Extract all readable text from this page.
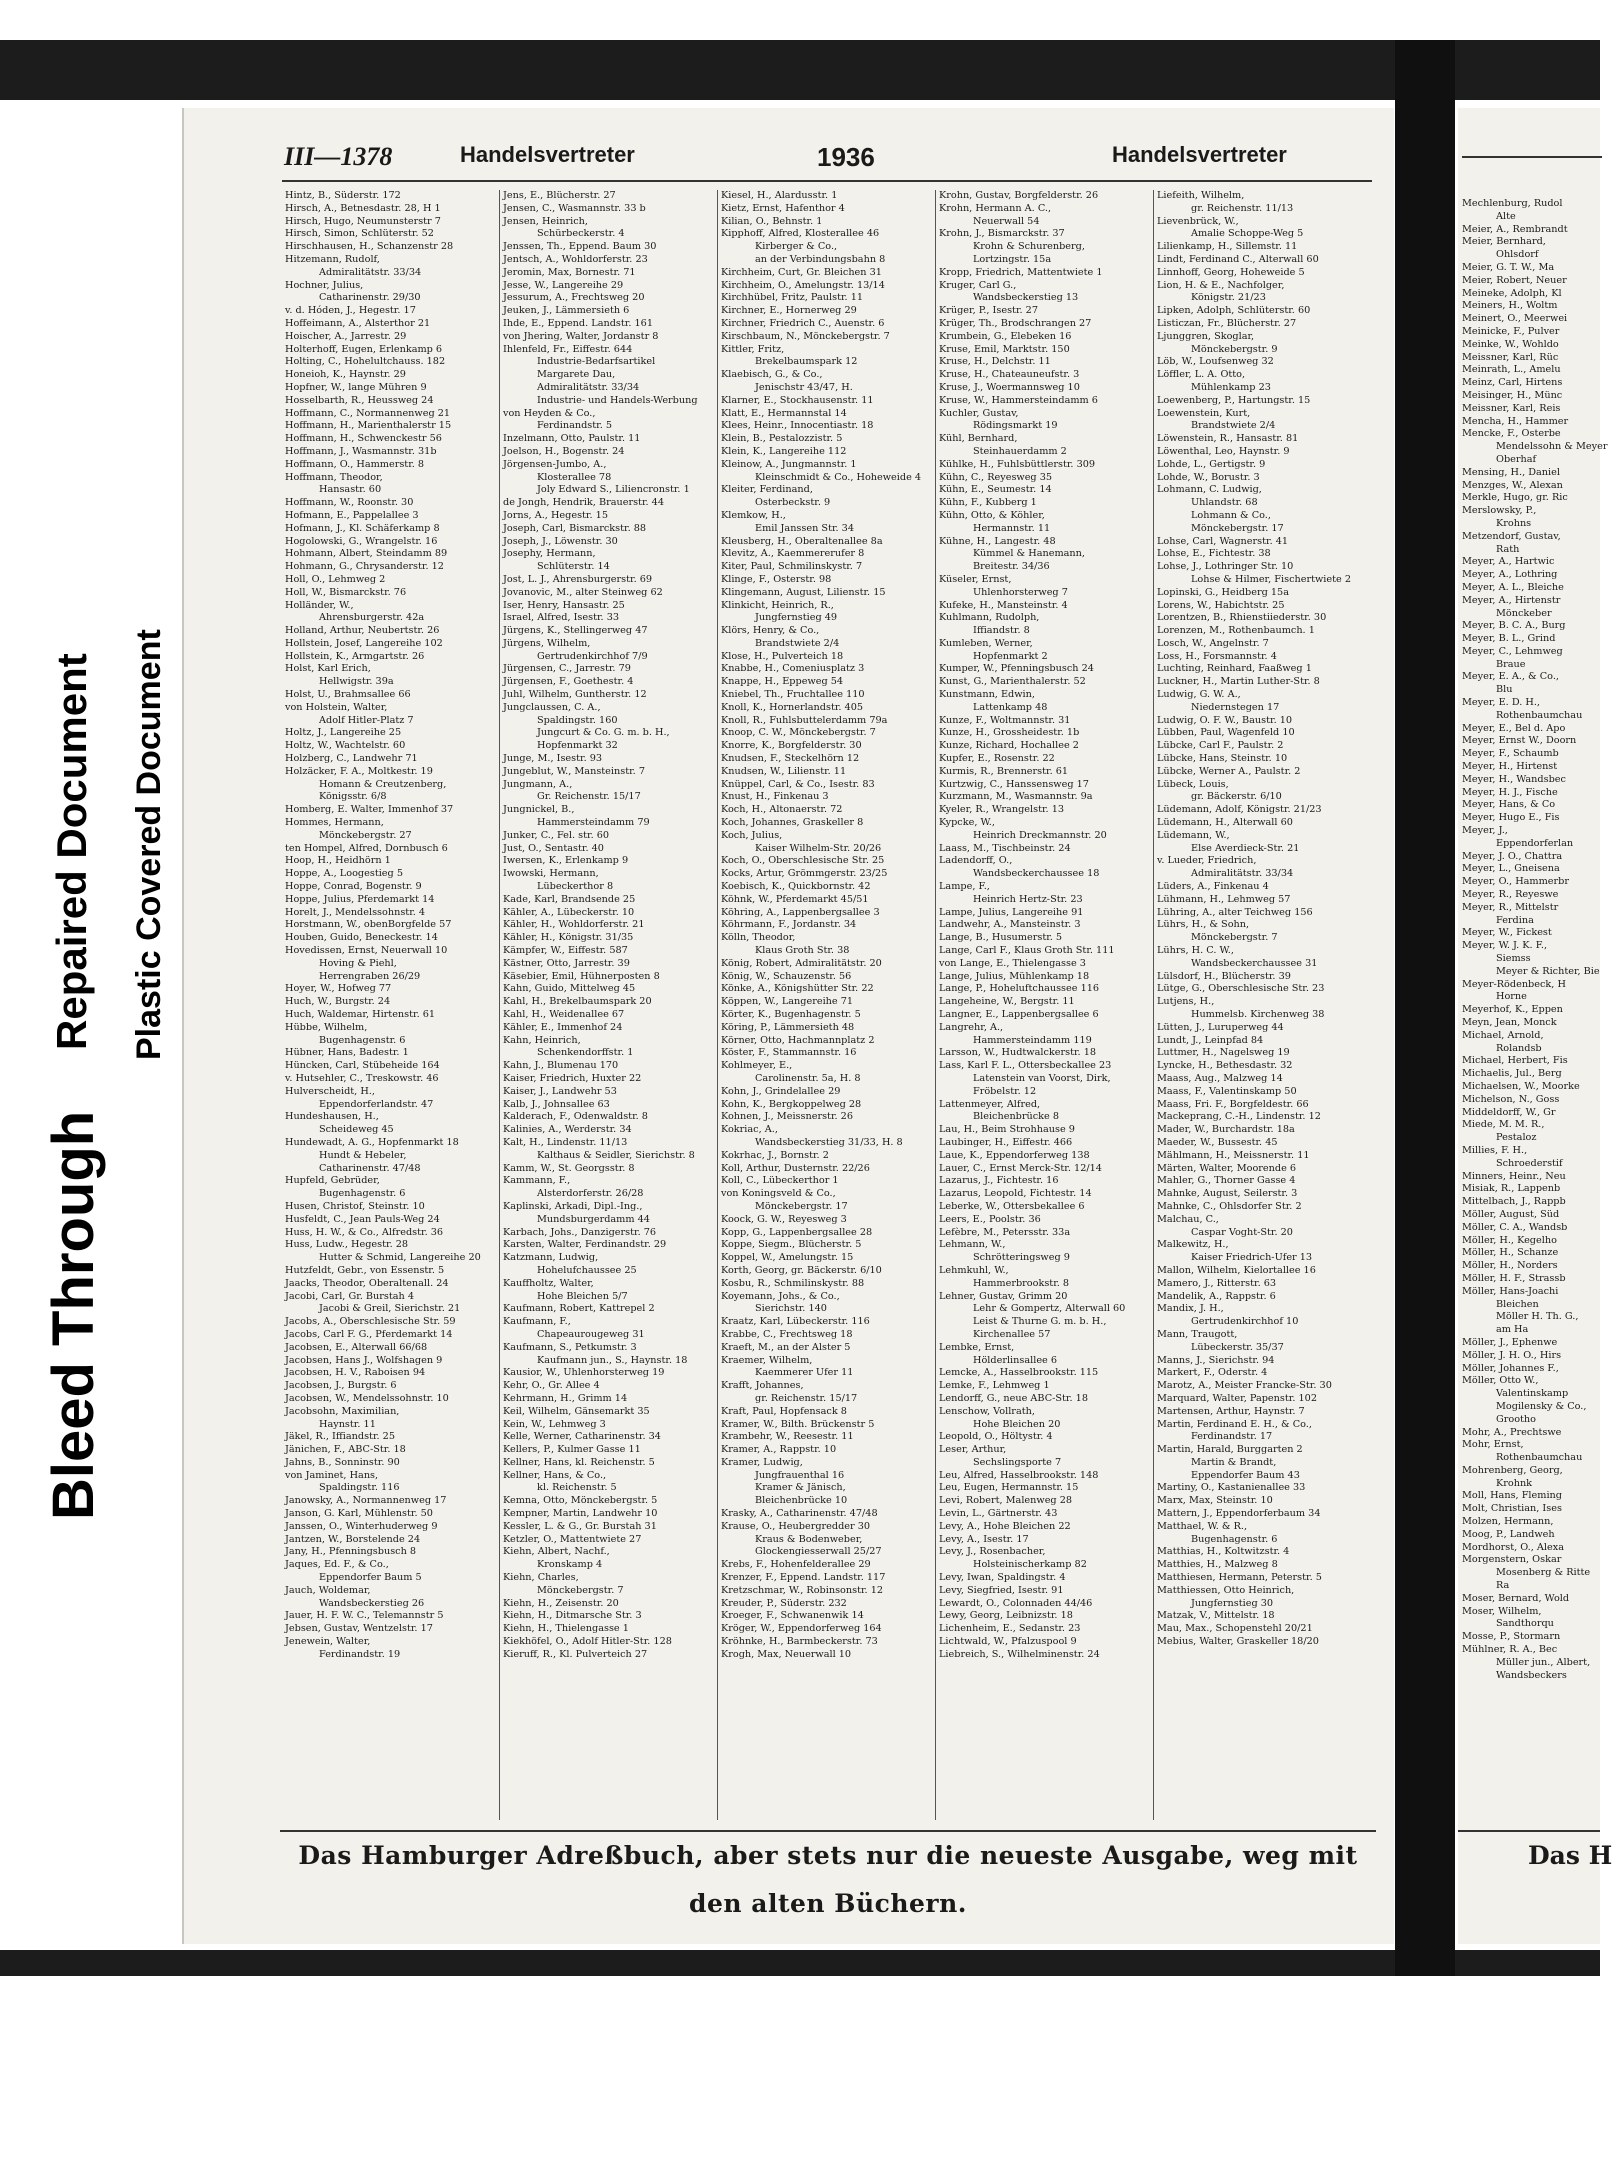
Bleed Through
Repaired Document Plastic Covered Document
III—1378	Handelsvertreter	1936	Handelsvertreter
Hintz, B., Süderstr. 172
Hirsch, A., Betnesdastr. 28, H 1
Hirsch, Hugo, Neumunsterstr 7
Hirsch, Simon, Schlüterstr. 52
Hirschhausen, H., Schanzenstr 28
Hitzemann, Rudolf,
Admiralitätstr. 33/34
Hochner, Julius,
Catharinenstr. 29/30
v. d. Hóden, J., Hegestr. 17
Hoffeimann, A., Alsterthor 21
Hoischer, A., Jarrestr. 29
Holterhoff, Eugen, Erlenkamp 6
Holting, C., Hohelultchauss. 182
Honeioh, K., Haynstr. 29
Hopfner, W., lange Mühren 9
Hosselbarth, R., Heussweg 24
Hoffmann, C., Normannenweg 21
Hoffmann, H., Marienthalerstr 15
Hoffmann, H., Schwenckestr 56
Hoffmann, J., Wasmannstr. 31b
Hoffmann, O., Hammerstr. 8
Hoffmann, Theodor,
Hansastr. 60
Hoffmann, W., Roonstr. 30
Hofmann, E., Pappelallee 3
Hofmann, J., Kl. Schäferkamp 8
Hogolowski, G., Wrangelstr. 16
Hohmann, Albert, Steindamm 89
Hohmann, G., Chrysanderstr. 12
Holl, O., Lehmweg 2
Holl, W., Bismarckstr. 76
Holländer, W.,
Ahrensburgerstr. 42a
Holland, Arthur, Neubertstr. 26
Hollstein, Josef, Langereihe 102
Hollstein, K., Armgartstr. 26
Holst, Karl Erich,
Hellwigstr. 39a
Holst, U., Brahmsallee 66
von Holstein, Walter,
Adolf Hitler-Platz 7
Holtz, J., Langereihe 25
Holtz, W., Wachtelstr. 60
Holzberg, C., Landwehr 71
Holzäcker, F. A., Moltkestr. 19
Homann & Creutzenberg,
Königsstr. 6/8
Homberg, E. Walter, Immenhof 37
Hommes, Hermann,
Mönckebergstr. 27
ten Hompel, Alfred, Dornbusch 6
Hoop, H., Heidhörn 1
Hoppe, A., Loogestieg 5
Hoppe, Conrad, Bogenstr. 9
Hoppe, Julius, Pferdemarkt 14
Horelt, J., Mendelssohnstr. 4
Horstmann, W., obenBorgfelde 57
Houben, Guido, Beneckestr. 14
Hovedissen, Ernst, Neuerwall 10
Hoving & Piehl,
Herrengraben 26/29
Hoyer, W., Hofweg 77
Huch, W., Burgstr. 24
Huch, Waldemar, Hirtenstr. 61
Hübbe, Wilhelm,
Bugenhagenstr. 6
Hübner, Hans, Badestr. 1
Hüncken, Carl, Stübeheide 164
v. Hutsehler, C., Treskowstr. 46
Hulverscheidt, H.,
Eppendorferlandstr. 47
Hundeshausen, H.,
Scheideweg 45
Hundewadt, A. G., Hopfenmarkt 18
Hundt & Hebeler,
Catharinenstr. 47/48
Hupfeld, Gebrüder,
Bugenhagenstr. 6
Husen, Christof, Steinstr. 10
Husfeldt, C., Jean Pauls-Weg 24
Huss, H. W., & Co., Alfredstr. 36
Huss, Ludw., Hegestr. 28
Hutter & Schmid, Langereihe 20
Hutzfeldt, Gebr., von Essenstr. 5
Jaacks, Theodor, Oberaltenall. 24
Jacobi, Carl, Gr. Burstah 4
Jacobi & Greil, Sierichstr. 21
Jacobs, A., Oberschlesische Str. 59
Jacobs, Carl F. G., Pferdemarkt 14
Jacobsen, E., Alterwall 66/68
Jacobsen, Hans J., Wolfshagen 9
Jacobsen, H. V., Raboisen 94
Jacobsen, J., Burgstr. 6
Jacobsen, W., Mendelssohnstr. 10
Jacobsohn, Maximilian,
Haynstr. 11
Jäkel, R., Iffiandstr. 25
Jänichen, F., ABC-Str. 18
Jahns, B., Sonninstr. 90
von Jaminet, Hans,
Spaldingstr. 116
Janowsky, A., Normannenweg 17
Janson, G. Karl, Mühlenstr. 50
Janssen, O., Winterhuderweg 9
Jantzen, W., Borstelende 24
Jany, H., Pfenningsbusch 8
Jaques, Ed. F., & Co.,
Eppendorfer Baum 5
Jauch, Woldemar,
Wandsbeckerstieg 26
Jauer, H. F. W. C., Telemannstr 5
Jebsen, Gustav, Wentzelstr. 17
Jenewein, Walter,
Ferdinandstr. 19
Jens, E., Blücherstr. 27
Jensen, C., Wasmannstr. 33 b
Jensen, Heinrich,
Schürbeckerstr. 4
Jenssen, Th., Eppend. Baum 30
Jentsch, A., Wohldorferstr. 23
Jeromin, Max, Bornestr. 71
Jesse, W., Langereihe 29
Jessurum, A., Frechtsweg 20
Jeuken, J., Lämmersieth 6
Ihde, E., Eppend. Landstr. 161
von Jhering, Walter, Jordanstr 8
Ihlenfeld, Fr., Eiffestr. 644
Industrie-Bedarfsartikel
Margarete Dau,
Admiralitätstr. 33/34
Industrie- und Handels-Werbung
von Heyden & Co.,
Ferdinandstr. 5
Inzelmann, Otto, Paulstr. 11
Joelson, H., Bogenstr. 24
Jörgensen-Jumbo, A.,
Klosterallee 78
Joly Edward S., Liliencronstr. 1
de Jongh, Hendrik, Brauerstr. 44
Jorns, A., Hegestr. 15
Joseph, Carl, Bismarckstr. 88
Joseph, J., Löwenstr. 30
Josephy, Hermann,
Schlüterstr. 14
Jost, L. J., Ahrensburgerstr. 69
Jovanovic, M., alter Steinweg 62
Iser, Henry, Hansastr. 25
Israel, Alfred, Isestr. 33
Jürgens, K., Stellingerweg 47
Jürgens, Wilhelm,
Gertrudenkirchhof 7/9
Jürgensen, C., Jarrestr. 79
Jürgensen, F., Goethestr. 4
Juhl, Wilhelm, Guntherstr. 12
Jungclaussen, C. A.,
Spaldingstr. 160
Jungcurt & Co. G. m. b. H.,
Hopfenmarkt 32
Junge, M., Isestr. 93
Jungeblut, W., Mansteinstr. 7
Jungmann, A.,
Gr. Reichenstr. 15/17
Jungnickel, B.,
Hammersteindamm 79
Junker, C., Fel. str. 60
Just, O., Sentastr. 40
Iwersen, K., Erlenkamp 9
Iwowski, Hermann,
Lübeckerthor 8
Kade, Karl, Brandsende 25
Kähler, A., Lübeckerstr. 10
Kähler, H., Wohldorferstr. 21
Kähler, H., Königstr. 31/35
Kämpfer, W., Eiffestr. 587
Kästner, Otto, Jarrestr. 39
Käsebier, Emil, Hühnerposten 8
Kahn, Guido, Mittelweg 45
Kahl, H., Brekelbaumspark 20
Kahl, H., Weidenallee 67
Kähler, E., Immenhof 24
Kahn, Heinrich,
Schenkendorffstr. 1
Kahn, J., Blumenau 170
Kaiser, Friedrich, Huxter 22
Kaiser, J., Landwehr 53
Kalb, J., Johnsallee 63
Kalderach, F., Odenwaldstr. 8
Kalinies, A., Werderstr. 34
Kalt, H., Lindenstr. 11/13
Kalthaus & Seidler, Sierichstr. 8
Kamm, W., St. Georgsstr. 8
Kammann, F.,
Alsterdorferstr. 26/28
Kaplinski, Arkadi, Dipl.-Ing.,
Mundsburgerdamm 44
Karbach, Johs., Danzigerstr. 76
Karsten, Walter, Ferdinandstr. 29
Katzmann, Ludwig,
Hohelufchaussee 25
Kauffholtz, Walter,
Hohe Bleichen 5/7
Kaufmann, Robert, Kattrepel 2
Kaufmann, F.,
Chapeaurougeweg 31
Kaufmann, S., Petkumstr. 3
Kaufmann jun., S., Haynstr. 18
Kausior, W., Uhlenhorsterweg 19
Kehr, O., Gr. Allee 4
Kehrmann, H., Grimm 14
Keil, Wilhelm, Gänsemarkt 35
Kein, W., Lehmweg 3
Kelle, Werner, Catharinenstr. 34
Kellers, P., Kulmer Gasse 11
Kellner, Hans, kl. Reichenstr. 5
Kellner, Hans, & Co.,
kl. Reichenstr. 5
Kemna, Otto, Mönckebergstr. 5
Kempner, Martin, Landwehr 10
Kessler, L. & G., Gr. Burstah 31
Ketzler, O., Mattentwiete 27
Kiehn, Albert, Nachf.,
Kronskamp 4
Kiehn, Charles,
Mönckebergstr. 7
Kiehn, H., Zeisenstr. 20
Kiehn, H., Ditmarsche Str. 3
Kiehn, H., Thielengasse 1
Kiekhöfel, O., Adolf Hitler-Str. 128
Kieruff, R., Kl. Pulverteich 27
Kiesel, H., Alardusstr. 1
Kietz, Ernst, Hafenthor 4
Kilian, O., Behnstr. 1
Kipphoff, Alfred, Klosterallee 46
Kirberger & Co.,
an der Verbindungsbahn 8
Kirchheim, Curt, Gr. Bleichen 31
Kirchheim, O., Amelungstr. 13/14
Kirchhübel, Fritz, Paulstr. 11
Kirchner, E., Hornerweg 29
Kirchner, Friedrich C., Auenstr. 6
Kirschbaum, N., Mönckebergstr. 7
Kittler, Fritz,
Brekelbaumspark 12
Klaebisch, G., & Co.,
Jenischstr 43/47, H.
Klarner, E., Stockhausenstr. 11
Klatt, E., Hermannstal 14
Klees, Heinr., Innocentiastr. 18
Klein, B., Pestalozzistr. 5
Klein, K., Langereihe 112
Kleinow, A., Jungmannstr. 1
Kleinschmidt & Co., Hoheweide 4
Kleiter, Ferdinand,
Osterbeckstr. 9
Klemkow, H.,
Emil Janssen Str. 34
Kleusberg, H., Oberaltenallee 8a
Klevitz, A., Kaemmererufer 8
Kiter, Paul, Schmilinskystr. 7
Klinge, F., Osterstr. 98
Klingemann, August, Lilienstr. 15
Klinkicht, Heinrich, R.,
Jungfernstieg 49
Klörs, Henry, & Co.,
Brandstwiete 2/4
Klose, H., Pulverteich 18
Knabbe, H., Comeniusplatz 3
Knappe, H., Eppeweg 54
Kniebel, Th., Fruchtallee 110
Knoll, K., Hornerlandstr. 405
Knoll, R., Fuhlsbuttelerdamm 79a
Knoop, C. W., Mönckebergstr. 7
Knorre, K., Borgfelderstr. 30
Knudsen, F., Steckelhörn 12
Knudsen, W., Lilienstr. 11
Knüppel, Carl, & Co., Isestr. 83
Knust, H., Finkenau 3
Koch, H., Altonaerstr. 72
Koch, Johannes, Graskeller 8
Koch, Julius,
Kaiser Wilhelm-Str. 20/26
Koch, O., Oberschlesische Str. 25
Kocks, Artur, Grömmgerstr. 23/25
Koebisch, K., Quickbornstr. 42
Köhnk, W., Pferdemarkt 45/51
Köhring, A., Lappenbergsallee 3
Köhrmann, F., Jordanstr. 34
Kölln, Theodor,
Klaus Groth Str. 38
König, Robert, Admiralitätstr. 20
König, W., Schauzenstr. 56
Könke, A., Königshütter Str. 22
Köppen, W., Langereihe 71
Körter, K., Bugenhagenstr. 5
Köring, P., Lämmersieth 48
Körner, Otto, Hachmannplatz 2
Köster, F., Stammannstr. 16
Kohlmeyer, E.,
Carolinenstr. 5a, H. 8
Kohn, J., Grindelallee 29
Kohn, K., Bergkoppelweg 28
Kohnen, J., Meissnerstr. 26
Kokriac, A.,
Wandsbeckerstieg 31/33, H. 8
Kokrhac, J., Bornstr. 2
Koll, Arthur, Dusternstr. 22/26
Koll, C., Lübeckerthor 1
von Koningsveld & Co.,
Mönckebergstr. 17
Koock, G. W., Reyesweg 3
Kopp, G., Lappenbergsallee 28
Koppe, Siegm., Blücherstr. 5
Koppel, W., Amelungstr. 15
Korth, Georg, gr. Bäckerstr. 6/10
Kosbu, R., Schmilinskystr. 88
Koyemann, Johs., & Co.,
Sierichstr. 140
Kraatz, Karl, Lübeckerstr. 116
Krabbe, C., Frechtsweg 18
Kraeft, M., an der Alster 5
Kraemer, Wilhelm,
Kaemmerer Ufer 11
Krafft, Johannes,
gr. Reichenstr. 15/17
Kraft, Paul, Hopfensack 8
Kramer, W., Bilth. Brückenstr 5
Krambehr, W., Reesestr. 11
Kramer, A., Rappstr. 10
Kramer, Ludwig,
Jungfrauenthal 16
Kramer & Jänisch,
Bleichenbrücke 10
Krasky, A., Catharinenstr. 47/48
Krause, O., Heubergredder 30
Kraus & Bodenweber,
Glockengiesserwall 25/27
Krebs, F., Hohenfelderallee 29
Krenzer, F., Eppend. Landstr. 117
Kretzschmar, W., Robinsonstr. 12
Kreuder, P., Süderstr. 232
Kroeger, F., Schwanenwik 14
Kröger, W., Eppendorferweg 164
Kröhnke, H., Barmbeckerstr. 73
Krogh, Max, Neuerwall 10
Krohn, Gustav, Borgfelderstr. 26
Krohn, Hermann A. C.,
Neuerwall 54
Krohn, J., Bismarckstr. 37
Krohn & Schurenberg,
Lortzingstr. 15a
Kropp, Friedrich, Mattentwiete 1
Kruger, Carl G.,
Wandsbeckerstieg 13
Krüger, P., Isestr. 27
Krüger, Th., Brodschrangen 27
Krumbein, G., Elebeken 16
Kruse, Emil, Marktstr. 150
Kruse, H., Delchstr. 11
Kruse, H., Chateauneufstr. 3
Kruse, J., Woermannsweg 10
Kruse, W., Hammersteindamm 6
Kuchler, Gustav,
Rödingsmarkt 19
Kühl, Bernhard,
Steinhauerdamm 2
Kühlke, H., Fuhlsbüttlerstr. 309
Kühn, C., Reyesweg 35
Kühn, E., Seumestr. 14
Kühn, F., Kubberg 1
Kühn, Otto, & Köhler,
Hermannstr. 11
Kühne, H., Langestr. 48
Kümmel & Hanemann,
Breitestr. 34/36
Küseler, Ernst,
Uhlenhorsterweg 7
Kufeke, H., Mansteinstr. 4
Kuhlmann, Rudolph,
Iffiandstr. 8
Kumleben, Werner,
Hopfenmarkt 2
Kumper, W., Pfenningsbusch 24
Kunst, G., Marienthalerstr. 52
Kunstmann, Edwin,
Lattenkamp 48
Kunze, F., Woltmannstr. 31
Kunze, H., Grossheidestr. 1b
Kunze, Richard, Hochallee 2
Kupfer, E., Rosenstr. 22
Kurmis, R., Brennerstr. 61
Kurtzwig, C., Hanssensweg 17
Kurzmann, M., Wasmannstr. 9a
Kyeler, R., Wrangelstr. 13
Kypcke, W.,
Heinrich Dreckmannstr. 20
Laass, M., Tischbeinstr. 24
Ladendorff, O.,
Wandsbeckerchaussee 18
Lampe, F.,
Heinrich Hertz-Str. 23
Lampe, Julius, Langereihe 91
Landwehr, A., Mansteinstr. 3
Lange, B., Husumerstr. 5
Lange, Carl F., Klaus Groth Str. 111
von Lange, E., Thielengasse 3
Lange, Julius, Mühlenkamp 18
Lange, P., Hoheluftchaussee 116
Langeheine, W., Bergstr. 11
Langner, E., Lappenbergsallee 6
Langrehr, A.,
Hammersteindamm 119
Larsson, W., Hudtwalckerstr. 18
Lass, Karl F. L., Ottersbeckallee 23
Latenstein van Voorst, Dirk,
Fröbelstr. 12
Lattenmeyer, Alfred,
Bleichenbrücke 8
Lau, H., Beim Strohhause 9
Laubinger, H., Eiffestr. 466
Laue, K., Eppendorferweg 138
Lauer, C., Ernst Merck-Str. 12/14
Lazarus, J., Fichtestr. 16
Lazarus, Leopold, Fichtestr. 14
Leberke, W., Ottersbekallee 6
Leers, E., Poolstr. 36
Lefèbre, M., Petersstr. 33a
Lehmann, W.,
Schrötteringsweg 9
Lehmkuhl, W.,
Hammerbrookstr. 8
Lehner, Gustav, Grimm 20
Lehr & Gompertz, Alterwall 60
Leist & Thurne G. m. b. H.,
Kirchenallee 57
Lembke, Ernst,
Hölderlinsallee 6
Lemcke, A., Hasselbrookstr. 115
Lemke, F., Lehmweg 1
Lendorff, G., neue ABC-Str. 18
Lenschow, Vollrath,
Hohe Bleichen 20
Leopold, O., Höltystr. 4
Leser, Arthur,
Sechslingsporte 7
Leu, Alfred, Hasselbrookstr. 148
Leu, Eugen, Hermannstr. 15
Levi, Robert, Malenweg 28
Levin, L., Gärtnerstr. 43
Levy, A., Hohe Bleichen 22
Levy, A., Isestr. 17
Levy, J., Rosenbacher,
Holsteinischerkamp 82
Levy, Iwan, Spaldingstr. 4
Levy, Siegfried, Isestr. 91
Lewardt, O., Colonnaden 44/46
Lewy, Georg, Leibnizstr. 18
Lichenheim, E., Sedanstr. 23
Lichtwald, W., Pfalzuspool 9
Liebreich, S., Wilhelminenstr. 24
Liefeith, Wilhelm,
gr. Reichenstr. 11/13
Lievenbrück, W.,
Amalie Schoppe-Weg 5
Lilienkamp, H., Sillemstr. 11
Lindt, Ferdinand C., Alterwall 60
Linnhoff, Georg, Hoheweide 5
Lion, H. & E., Nachfolger,
Königstr. 21/23
Lipken, Adolph, Schlüterstr. 60
Listiczan, Fr., Blücherstr. 27
Ljunggren, Skoglar,
Mönckebergstr. 9
Löb, W., Loufsenweg 32
Löffler, L. A. Otto,
Mühlenkamp 23
Loewenberg, P., Hartungstr. 15
Loewenstein, Kurt,
Brandstwiete 2/4
Löwenstein, R., Hansastr. 81
Löwenthal, Leo, Haynstr. 9
Lohde, L., Gertigstr. 9
Lohde, W., Borustr. 3
Lohmann, C. Ludwig,
Uhlandstr. 68
Lohmann & Co.,
Mönckebergstr. 17
Lohse, Carl, Wagnerstr. 41
Lohse, E., Fichtestr. 38
Lohse, J., Lothringer Str. 10
Lohse & Hilmer, Fischertwiete 2
Lopinski, G., Heidberg 15a
Lorens, W., Habichtstr. 25
Lorentzen, B., Rhienstiiederstr. 30
Lorenzen, M., Rothenbaumch. 1
Losch, W., Angelnstr. 7
Loss, H., Forsmannstr. 4
Luchting, Reinhard, Faaßweg 1
Luckner, H., Martin Luther-Str. 8
Ludwig, G. W. A.,
Niedernstegen 17
Ludwig, O. F. W., Baustr. 10
Lübben, Paul, Wagenfeld 10
Lübcke, Carl F., Paulstr. 2
Lübcke, Hans, Steinstr. 10
Lübcke, Werner A., Paulstr. 2
Lübeck, Louis,
gr. Bäckerstr. 6/10
Lüdemann, Adolf, Königstr. 21/23
Lüdemann, H., Alterwall 60
Lüdemann, W.,
Else Averdieck-Str. 21
v. Lueder, Friedrich,
Admiralitätstr. 33/34
Lüders, A., Finkenau 4
Lühmann, H., Lehmweg 57
Lühring, A., alter Teichweg 156
Lührs, H., & Sohn,
Mönckebergstr. 7
Lührs, H. C. W.,
Wandsbeckerchaussee 31
Lülsdorf, H., Blücherstr. 39
Lütge, G., Oberschlesische Str. 23
Lutjens, H.,
Hummelsb. Kirchenweg 38
Lütten, J., Luruperweg 44
Lundt, J., Leinpfad 84
Luttmer, H., Nagelsweg 19
Lyncke, H., Bethesdastr. 32
Maass, Aug., Malzweg 14
Maass, F., Valentinskamp 50
Maass, Fri. F., Borgfeldestr. 66
Mackeprang, C.-H., Lindenstr. 12
Mader, W., Burchardstr. 18a
Maeder, W., Bussestr. 45
Mählmann, H., Meissnerstr. 11
Märten, Walter, Moorende 6
Mahler, G., Thorner Gasse 4
Mahnke, August, Seilerstr. 3
Mahnke, C., Ohlsdorfer Str. 2
Malchau, C.,
Caspar Voght-Str. 20
Malkewitz, H.,
Kaiser Friedrich-Ufer 13
Mallon, Wilhelm, Kielortallee 16
Mamero, J., Ritterstr. 63
Mandelik, A., Rappstr. 6
Mandix, J. H.,
Gertrudenkirchhof 10
Mann, Traugott,
Lübeckerstr. 35/37
Manns, J., Sierichstr. 94
Markert, F., Oderstr. 4
Marotz, A., Meister Francke-Str. 30
Marquard, Walter, Papenstr. 102
Martensen, Arthur, Haynstr. 7
Martin, Ferdinand E. H., & Co.,
Ferdinandstr. 17
Martin, Harald, Burggarten 2
Martin & Brandt,
Eppendorfer Baum 43
Martiny, O., Kastanienallee 33
Marx, Max, Steinstr. 10
Mattern, J., Eppendorferbaum 34
Matthael, W. & R.,
Bugenhagenstr. 6
Matthias, H., Koltwitzstr. 4
Matthies, H., Malzweg 8
Matthiesen, Hermann, Peterstr. 5
Matthiessen, Otto Heinrich,
Jungfernstieg 30
Matzak, V., Mittelstr. 18
Mau, Max., Schopenstehl 20/21
Mebius, Walter, Graskeller 18/20
Das Hamburger Adreßbuch, aber stets nur die neueste Ausgabe, weg mit den alten Büchern.
Mechlenburg, Rudol
Alte
Meier, A., Rembrandt
Meier, Bernhard,
Ohlsdorf
Meier, G. T. W., Ma
Meier, Robert, Neuer
Meineke, Adolph, Kl
Meiners, H., Woltm
Meinert, O., Meerwei
Meinicke, F., Pulver
Meinke, W., Wohldo
Meissner, Karl, Rüc
Meinrath, L., Amelu
Meinz, Carl, Hirtens
Meisinger, H., Münc
Meissner, Karl, Reis
Mencha, H., Hammer
Mencke, F., Osterbe
Mendelssohn & Meyer
Oberhaf
Mensing, H., Daniel
Menzges, W., Alexan
Merkle, Hugo, gr. Ric
Merslowsky, P.,
Krohns
Metzendorf, Gustav,
Rath
Meyer, A., Hartwic
Meyer, A., Lothring
Meyer, A. L., Bleiche
Meyer, A., Hirtenstr
Mönckeber
Meyer, B. C. A., Burg
Meyer, B. L., Grind
Meyer, C., Lehmweg
Braue
Meyer, E. A., & Co.,
Blu
Meyer, E. D. H.,
Rothenbaumchau
Meyer, E., Bel d. Apo
Meyer, Ernst W., Doorn
Meyer, F., Schaumb
Meyer, H., Hirtenst
Meyer, H., Wandsbec
Meyer, H. J., Fische
Meyer, Hans, & Co
Meyer, Hugo E., Fis
Meyer, J.,
Eppendorferlan
Meyer, J. O., Chattra
Meyer, L., Gneisena
Meyer, O., Hammerbr
Meyer, R., Reyeswe
Meyer, R., Mittelstr
Ferdina
Meyer, W., Fickest
Meyer, W. J. K. F.,
Siemss
Meyer & Richter, Bie
Meyer-Rödenbeck, H
Horne
Meyerhof, K., Eppen
Meyn, Jean, Monck
Michael, Arnold,
Rolandsb
Michael, Herbert, Fis
Michaelis, Jul., Berg
Michaelsen, W., Moorke
Michelson, N., Goss
Middeldorff, W., Gr
Miede, M. M. R.,
Pestaloz
Millies, F. H.,
Schroederstif
Minners, Heinr., Neu
Misiak, R., Lappenb
Mittelbach, J., Rappb
Möller, August, Süd
Möller, C. A., Wandsb
Möller, H., Kegelho
Möller, H., Schanze
Möller, H., Norders
Möller, H. F., Strassb
Möller, Hans-Joachi
Bleichen
Möller H. Th. G.,
am Ha
Möller, J., Ephenwe
Möller, J. H. O., Hirs
Möller, Johannes F.,
Möller, Otto W.,
Valentinskamp
Mogilensky & Co.,
Grootho
Mohr, A., Prechtswe
Mohr, Ernst,
Rothenbaumchau
Mohrenberg, Georg,
Krohnk
Moll, Hans, Fleming
Molt, Christian, Ises
Molzen, Hermann,
Moog, P., Landweh
Mordhorst, O., Alexa
Morgenstern, Oskar
Mosenberg & Ritte
Ra
Moser, Bernard, Wold
Moser, Wilhelm,
Sandthorqu
Mosse, P., Stormarn
Mühlner, R. A., Bec
Müller jun., Albert,
Wandsbeckers
Das H
